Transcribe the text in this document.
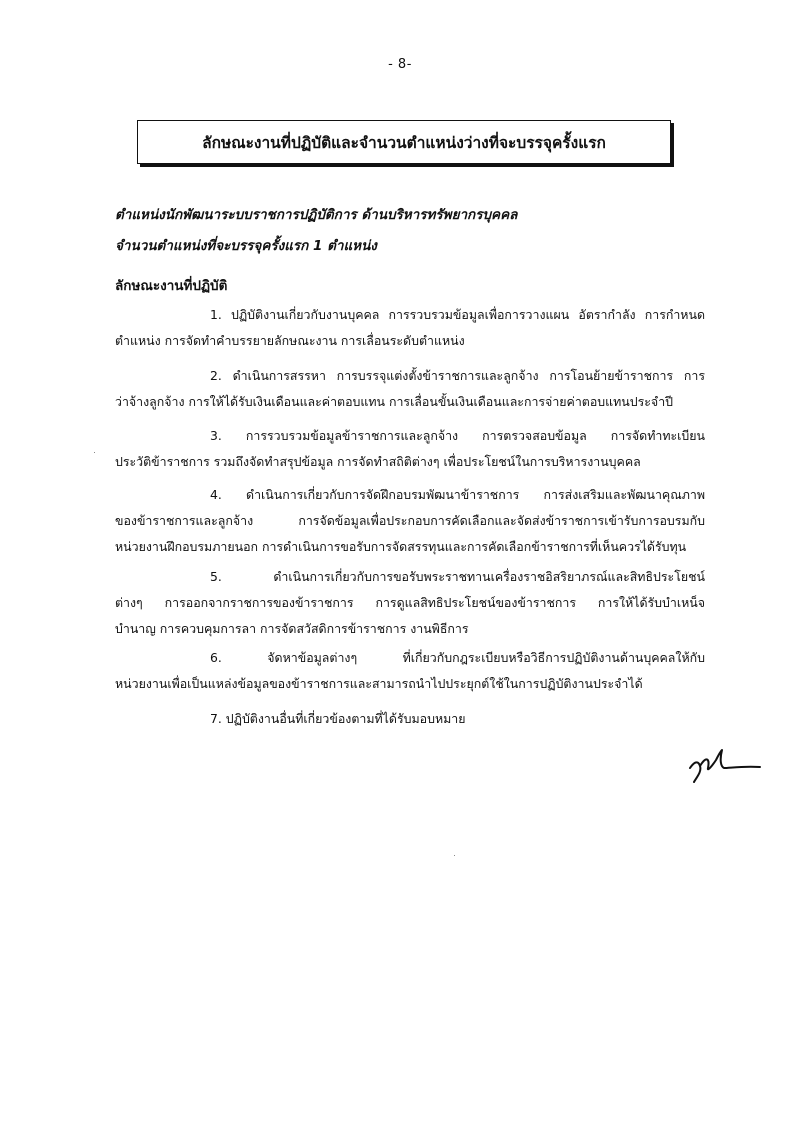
- 8-
ลักษณะงานที่ปฏิบัติและจำนวนตำแหน่งว่างที่จะบรรจุครั้งแรก
ตำแหน่งนักพัฒนาระบบราชการปฏิบัติการ ด้านบริหารทรัพยากรบุคคล
จำนวนตำแหน่งที่จะบรรจุครั้งแรก 1 ตำแหน่ง
ลักษณะงานที่ปฏิบัติ
1. ปฏิบัติงานเกี่ยวกับงานบุคคล การรวบรวมข้อมูลเพื่อการวางแผน อัตรากำลัง การกำหนด
ตำแหน่ง การจัดทำคำบรรยายลักษณะงาน การเลื่อนระดับตำแหน่ง
2. ดำเนินการสรรหา การบรรจุแต่งตั้งข้าราชการและลูกจ้าง การโอนย้ายข้าราชการ การ
ว่าจ้างลูกจ้าง การให้ได้รับเงินเดือนและค่าตอบแทน การเลื่อนขั้นเงินเดือนและการจ่ายค่าตอบแทนประจำปี
3. การรวบรวมข้อมูลข้าราชการและลูกจ้าง การตรวจสอบข้อมูล การจัดทำทะเบียน
ประวัติข้าราชการ รวมถึงจัดทำสรุปข้อมูล การจัดทำสถิติต่างๆ เพื่อประโยชน์ในการบริหารงานบุคคล
4. ดำเนินการเกี่ยวกับการจัดฝึกอบรมพัฒนาข้าราชการ การส่งเสริมและพัฒนาคุณภาพ
ของข้าราชการและลูกจ้าง การจัดข้อมูลเพื่อประกอบการคัดเลือกและจัดส่งข้าราชการเข้ารับการอบรมกับ
หน่วยงานฝึกอบรมภายนอก การดำเนินการขอรับการจัดสรรทุนและการคัดเลือกข้าราชการที่เห็นควรได้รับทุน
5. ดำเนินการเกี่ยวกับการขอรับพระราชทานเครื่องราชอิสริยาภรณ์และสิทธิประโยชน์
ต่างๆ การออกจากราชการของข้าราชการ การดูแลสิทธิประโยชน์ของข้าราชการ การให้ได้รับบำเหน็จ
บำนาญ การควบคุมการลา การจัดสวัสดิการข้าราชการ งานพิธีการ
6. จัดหาข้อมูลต่างๆ ที่เกี่ยวกับกฎระเบียบหรือวิธีการปฏิบัติงานด้านบุคคลให้กับ
หน่วยงานเพื่อเป็นแหล่งข้อมูลของข้าราชการและสามารถนำไปประยุกต์ใช้ในการปฏิบัติงานประจำได้
7. ปฏิบัติงานอื่นที่เกี่ยวข้องตามที่ได้รับมอบหมาย
